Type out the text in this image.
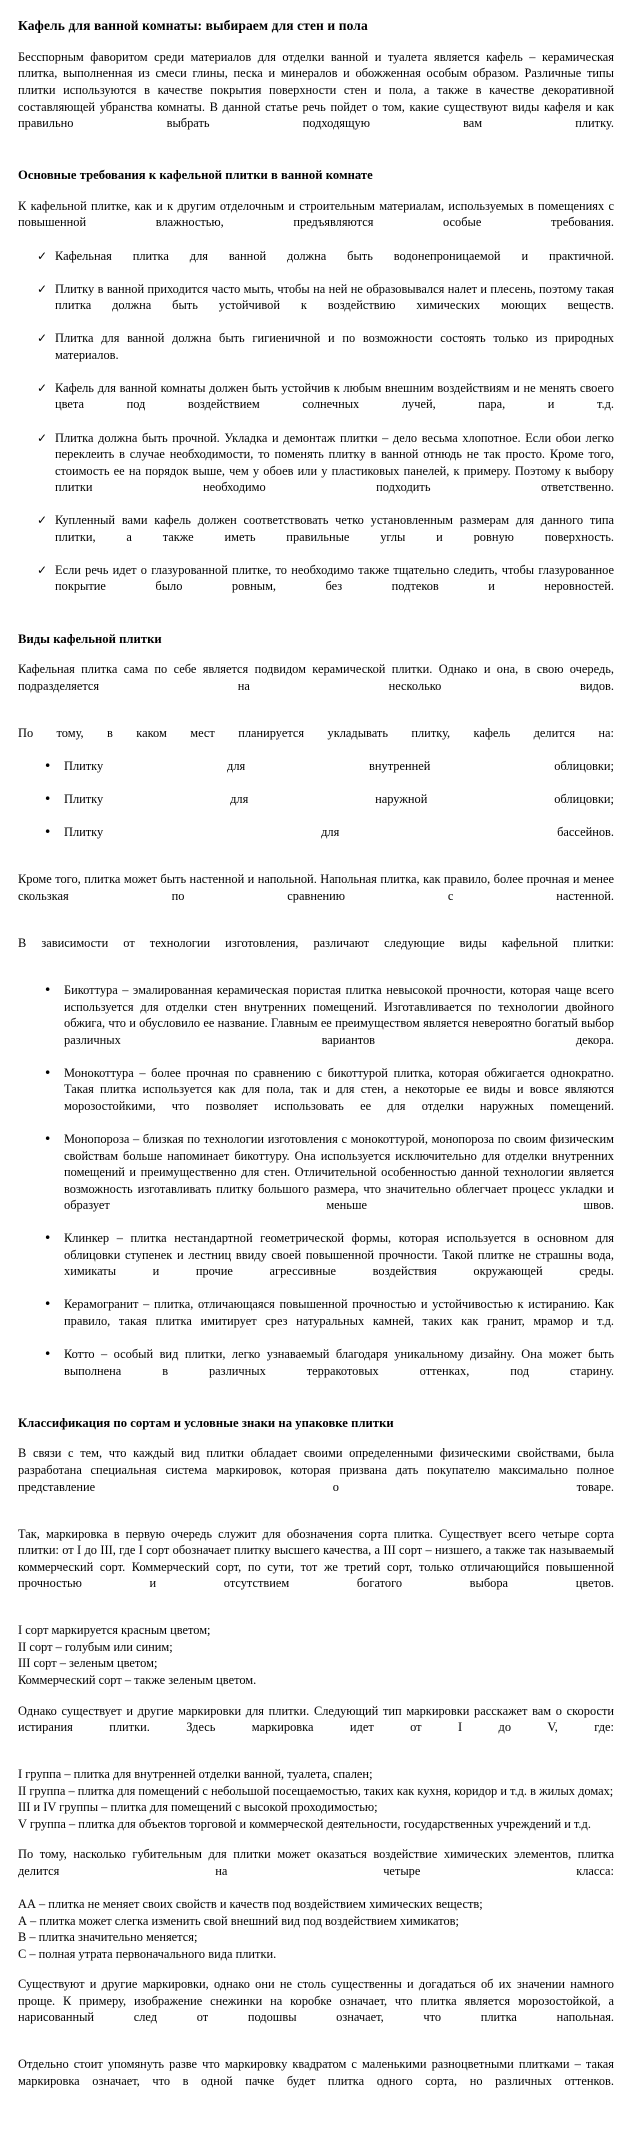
Кафель для ванной комнаты: выбираем для стен и пола

Бесспорным фаворитом среди материалов для отделки ванной и туалета является кафель – керамическая плитка, выполненная из смеси глины, песка и минералов и обожженная особым образом. Различные типы плитки используются в качестве покрытия поверхности стен и пола, а также в качестве декоративной составляющей убранства комнаты. В данной статье речь пойдет о том, какие существуют виды кафеля и как правильно выбрать подходящую вам плитку.

Основные требования к кафельной плитки в ванной комнате

К кафельной плитке, как и к другим отделочным и строительным материалам, используемых в помещениях с повышенной влажностью, предъявляются особые требования.

✓ Кафельная плитка для ванной должна быть водонепроницаемой и практичной.
✓ Плитку в ванной приходится часто мыть, чтобы на ней не образовывался налет и плесень, поэтому такая плитка должна быть устойчивой к воздействию химических моющих веществ.
✓ Плитка для ванной должна быть гигиеничной и по возможности состоять только из природных материалов.
✓ Кафель для ванной комнаты должен быть устойчив к любым внешним воздействиям и не менять своего цвета под воздействием солнечных лучей, пара, и т.д.
✓ Плитка должна быть прочной. Укладка и демонтаж плитки – дело весьма хлопотное. Если обои легко переклеить в случае необходимости, то поменять плитку в ванной отнюдь не так просто. Кроме того, стоимость ее на порядок выше, чем у обоев или у пластиковых панелей, к примеру. Поэтому к выбору плитки необходимо подходить ответственно.
✓ Купленный вами кафель должен соответствовать четко установленным размерам для данного типа плитки, а также иметь правильные углы и ровную поверхность.
✓ Если речь идет о глазурованной плитке, то необходимо также тщательно следить, чтобы глазурованное покрытие было ровным, без подтеков и неровностей.
Виды кафельной плитки

Кафельная плитка сама по себе является подвидом керамической плитки. Однако и она, в свою очередь, подразделяется на несколько видов.

По тому, в каком мест планируется укладывать плитку, кафель делится на:

• Плитку для внутренней облицовки;
• Плитку для наружной облицовки;
• Плитку для бассейнов.

Кроме того, плитка может быть настенной и напольной. Напольная плитка, как правило, более прочная и менее скользкая по сравнению с настенной.

В зависимости от технологии изготовления, различают следующие виды кафельной плитки:

• Бикоттура – эмалированная керамическая пористая плитка невысокой прочности, которая чаще всего используется для отделки стен внутренних помещений. Изготавливается по технологии двойного обжига, что и обусловило ее название. Главным ее преимуществом является невероятно богатый выбор различных вариантов декора.
• Монокоттура – более прочная по сравнению с бикоттурой плитка, которая обжигается однократно. Такая плитка используется как для пола, так и для стен, а некоторые ее виды и вовсе являются морозостойкими, что позволяет использовать ее для отделки наружных помещений.
• Монопороза – близкая по технологии изготовления с монокоттурой, монопороза по своим физическим свойствам больше напоминает бикоттуру. Она используется исключительно для отделки внутренних помещений и преимущественно для стен. Отличительной особенностью данной технологии является возможность изготавливать плитку большого размера, что значительно облегчает процесс укладки и образует меньше швов.
• Клинкер – плитка нестандартной геометрической формы, которая используется в основном для облицовки ступенек и лестниц ввиду своей повышенной прочности. Такой плитке не страшны вода, химикаты и прочие агрессивные воздействия окружающей среды.
• Керамогранит – плитка, отличающаяся повышенной прочностью и устойчивостью к истиранию. Как правило, такая плитка имитирует срез натуральных камней, таких как гранит, мрамор и т.д.
• Котто – особый вид плитки, легко узнаваемый благодаря уникальному дизайну. Она может быть выполнена в различных терракотовых оттенках, под старину.
Классификация по сортам и условные знаки на упаковке плитки

В связи с тем, что каждый вид плитки обладает своими определенными физическими свойствами, была разработана специальная система маркировок, которая призвана дать покупателю максимально полное представление о товаре.

Так, маркировка в первую очередь служит для обозначения сорта плитка. Существует всего четыре сорта плитки: от I до III, где I сорт обозначает плитку высшего качества, а III сорт – низшего, а также так называемый коммерческий сорт. Коммерческий сорт, по сути, тот же третий сорт, только отличающийся повышенной прочностью и отсутствием богатого выбора цветов.

I сорт маркируется красным цветом;
II сорт – голубым или синим;
III сорт – зеленым цветом;
Коммерческий сорт – также зеленым цветом.

Однако существует и другие маркировки для плитки. Следующий тип маркировки расскажет вам о скорости истирания плитки. Здесь маркировка идет от I до V, где:

I группа – плитка для внутренней отделки ванной, туалета, спален;
II группа – плитка для помещений с небольшой посещаемостью, таких как кухня, коридор и т.д. в жилых домах;
III и IV группы – плитка для помещений с высокой проходимостью;
V группа – плитка для объектов торговой и коммерческой деятельности, государственных учреждений и т.д.

По тому, насколько губительным для плитки может оказаться воздействие химических элементов, плитка делится на четыре класса:

АА – плитка не меняет своих свойств и качеств под воздействием химических веществ;
А – плитка может слегка изменить свой внешний вид под воздействием химикатов;
В – плитка значительно меняется;
С – полная утрата первоначального вида плитки.

Существуют и другие маркировки, однако они не столь существенны и догадаться об их значении намного проще. К примеру, изображение снежинки на коробке означает, что плитка является морозостойкой, а нарисованный след от подошвы означает, что плитка напольная.

Отдельно стоит упомянуть разве что маркировку квадратом с маленькими разноцветными плитками – такая маркировка означает, что в одной пачке будет плитка одного сорта, но различных оттенков.
